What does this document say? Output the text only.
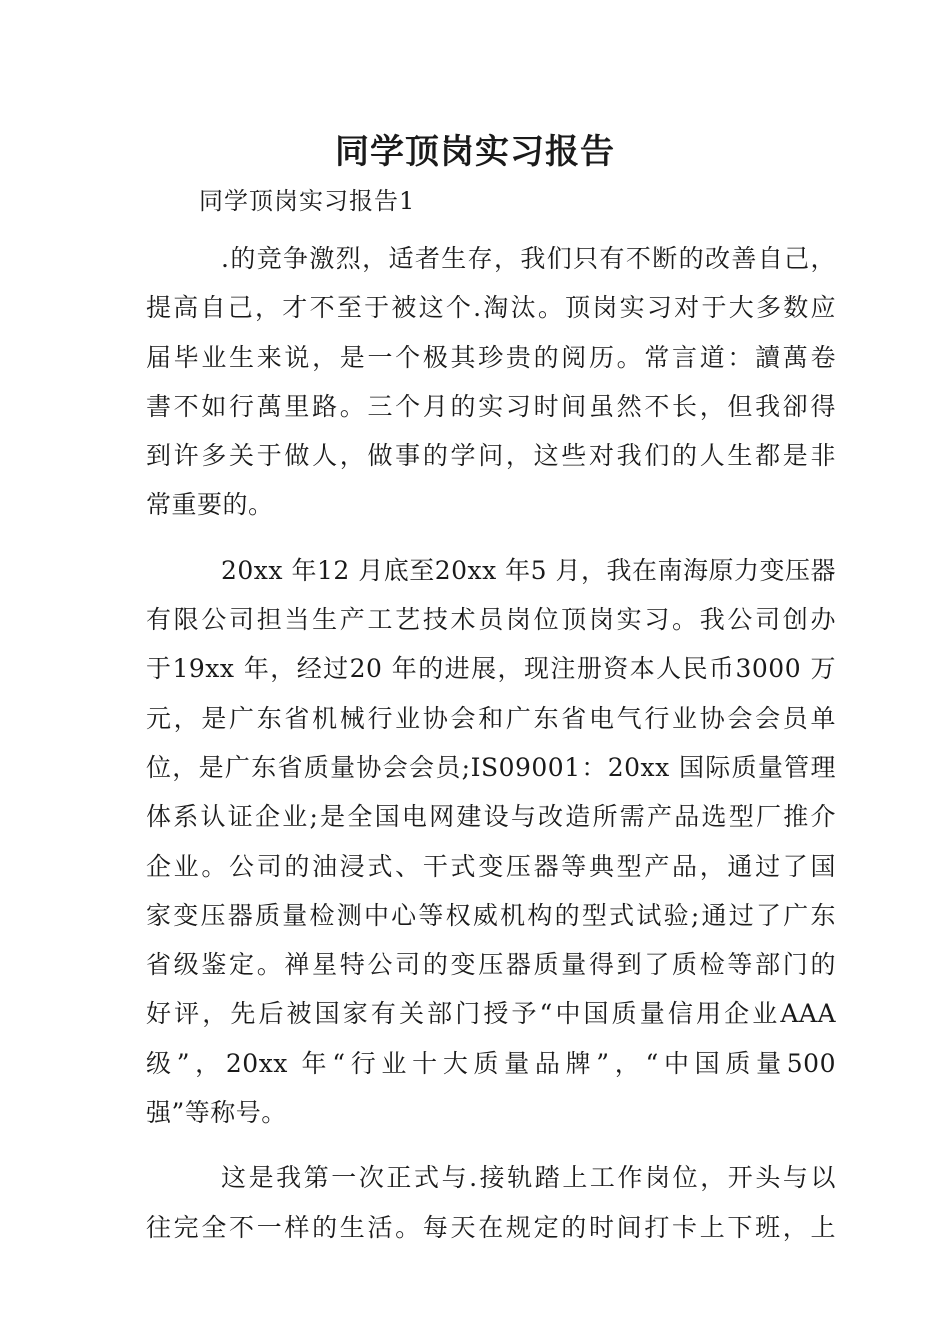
同学顶岗实习报告
同学顶岗实习报告1
.的竞争激烈，适者生存，我们只有不断的改善自己，
提高自己，才不至于被这个.淘汰。顶岗实习对于大多数应
届毕业生来说，是一个极其珍贵的阅历。常言道：讀萬卷
書不如行萬里路。三个月的实习时间虽然不长，但我卻得
到许多关于做人，做事的学问，这些对我们的人生都是非
常重要的。
20xx 年12 月底至20xx 年5 月，我在南海原力变压器
有限公司担当生产工艺技术员岗位顶岗实习。我公司创办
于19xx 年，经过20 年的进展，现注册资本人民币3000 万
元，是广东省机械行业协会和广东省电气行业协会会员单
位，是广东省质量协会会员;IS09001：20xx 国际质量管理
体系认证企业;是全国电网建设与改造所需产品选型厂推介
企业。公司的油浸式、干式变压器等典型产品，通过了国
家变压器质量检测中心等权威机构的型式试验;通过了广东
省级鉴定。禅星特公司的变压器质量得到了质检等部门的
好评，先后被国家有关部门授予“中国质量信用企业AAA
级”，20xx 年“行业十大质量品牌”，“中国质量500
强”等称号。
这是我第一次正式与.接轨踏上工作岗位，开头与以
往完全不一样的生活。每天在规定的时间打卡上下班，上
